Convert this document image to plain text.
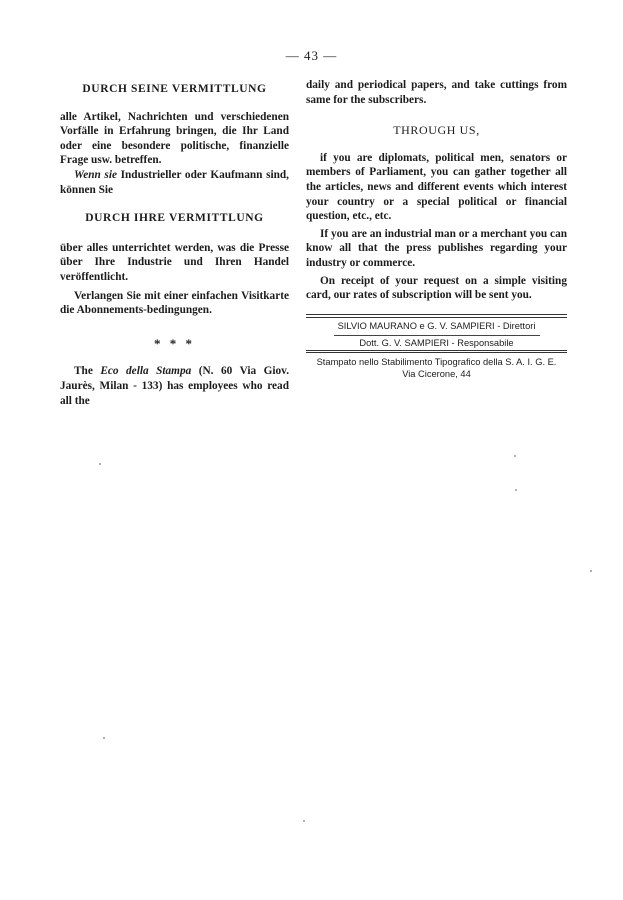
— 43 —
DURCH SEINE VERMITTLUNG

alle Artikel, Nachrichten und verschiedenen Vorfälle in Erfahrung bringen, die Ihr Land oder eine besondere politische, finanzielle Frage usw. betreffen.

Wenn sie Industrieller oder Kaufmann sind, können Sie

DURCH IHRE VERMITTLUNG

über alles unterrichtet werden, was die Presse über Ihre Industrie und Ihren Handel veröffentlicht.

Verlangen Sie mit einer einfachen Visitkarte die Abonnements-bedingungen.

* * *

The Eco della Stampa (N. 60 Via Giov. Jaurès, Milan - 133) has employees who read all the

daily and periodical papers, and take cuttings from same for the subscribers.

THROUGH US,

if you are diplomats, political men, senators or members of Parliament, you can gather together all the articles, news and different events which interest your country or a special political or financial question, etc., etc.

If you are an industrial man or a merchant you can know all that the press publishes regarding your industry or commerce.

On receipt of your request on a simple visiting card, our rates of subscription will be sent you.

SILVIO MAURANO e G. V. SAMPIERI - Direttori
Dott. G. V. SAMPIERI - Responsabile
Stampato nello Stabilimento Tipografico della S. A. I. G. E.
Via Cicerone, 44
